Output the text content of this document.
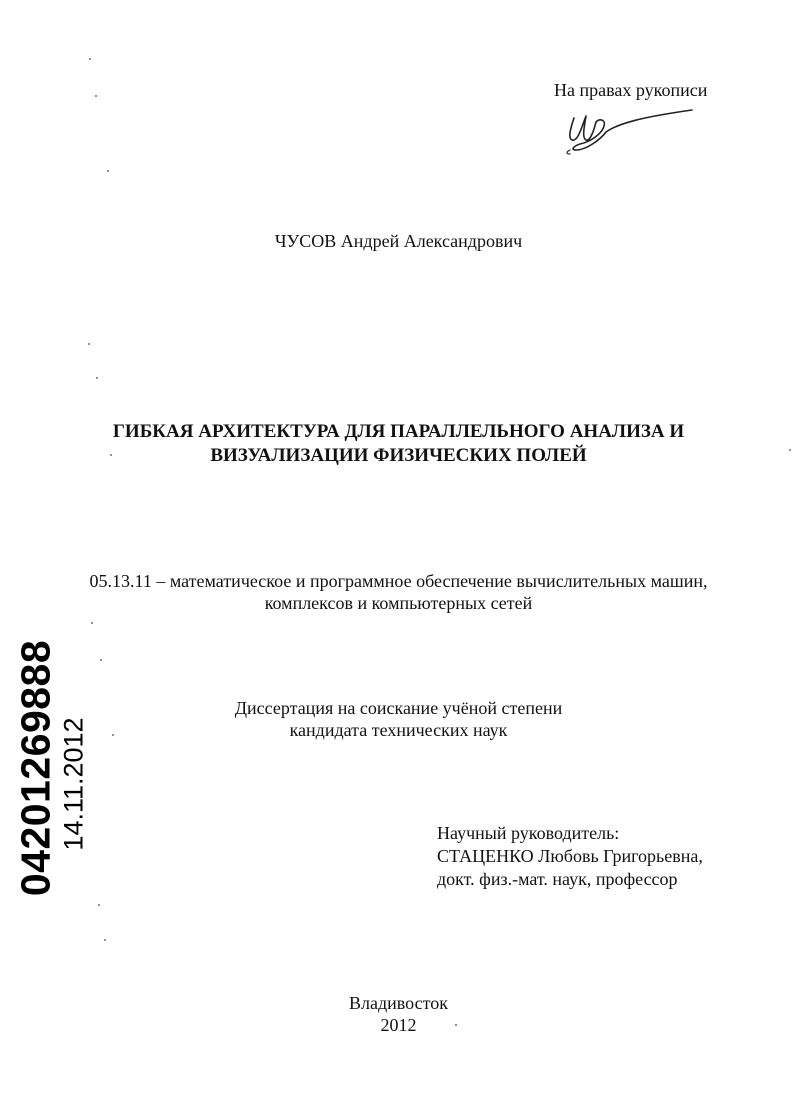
На правах рукописи
ЧУСОВ Андрей Александрович
ГИБКАЯ АРХИТЕКТУРА ДЛЯ ПАРАЛЛЕЛЬНОГО АНАЛИЗА И
ВИЗУАЛИЗАЦИИ ФИЗИЧЕСКИХ ПОЛЕЙ
05.13.11 – математическое и программное обеспечение вычислительных машин,
комплексов и компьютерных сетей
Диссертация на соискание учёной степени
кандидата технических наук
Научный руководитель:
СТАЦЕНКО Любовь Григорьевна,
докт. физ.-мат. наук, профессор
Владивосток
2012
04201269888 14.11.2012
